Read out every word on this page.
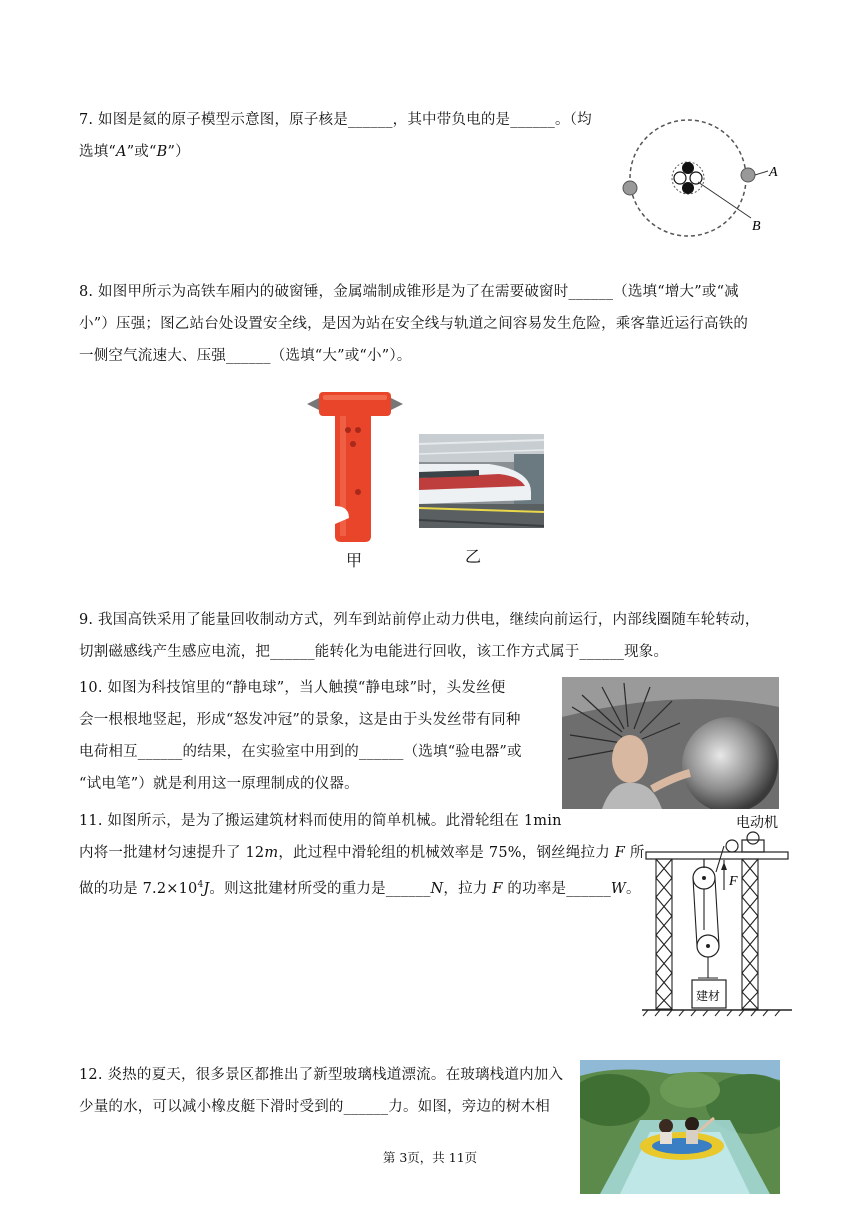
7. 如图是氦的原子模型示意图，原子核是______，其中带负电的是______。（均

选填“A”或“B”）

A
B

8. 如图甲所示为高铁车厢内的破窗锤，金属端制成锥形是为了在需要破窗时______（选填“增大”或“减

小”）压强；图乙站台处设置安全线，是因为站在安全线与轨道之间容易发生危险，乘客靠近运行高铁的

一侧空气流速大、压强______（选填“大”或“小”）。

甲	乙

9. 我国高铁采用了能量回收制动方式，列车到站前停止动力供电，继续向前运行，内部线圈随车轮转动，

切割磁感线产生感应电流，把______能转化为电能进行回收，该工作方式属于______现象。

10. 如图为科技馆里的“静电球”，当人触摸“静电球”时，头发丝便

会一根根地竖起，形成“怒发冲冠”的景象，这是由于头发丝带有同种

电荷相互______的结果，在实验室中用到的______（选填“验电器”或

“试电笔”）就是利用这一原理制成的仪器。

11. 如图所示，是为了搬运建筑材料而使用的简单机械。此滑轮组在 1min

内将一批建材匀速提升了 12m，此过程中滑轮组的机械效率是 75%，钢丝绳拉力 F 所

做的功是 $7.2\times 10^4J$。则这批建材所受的重力是______N，拉力 F 的功率是______W。

电动机
F
建材

12. 炎热的夏天，很多景区都推出了新型玻璃栈道漂流。在玻璃栈道内加入

少量的水，可以减小橡皮艇下滑时受到的______力。如图，旁边的树木相

第 3页，共 11页
